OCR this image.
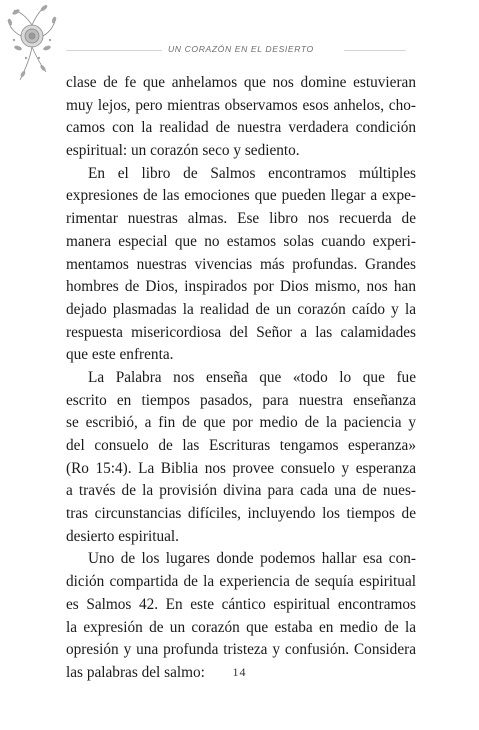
UN CORAZÓN EN EL DESIERTO
clase de fe que anhelamos que nos domine estuvieran
muy lejos, pero mientras observamos esos anhelos, cho-
camos con la realidad de nuestra verdadera condición
espiritual: un corazón seco y sediento.
En el libro de Salmos encontramos múltiples
expresiones de las emociones que pueden llegar a expe-
rimentar nuestras almas. Ese libro nos recuerda de
manera especial que no estamos solas cuando experi-
mentamos nuestras vivencias más profundas. Grandes
hombres de Dios, inspirados por Dios mismo, nos han
dejado plasmadas la realidad de un corazón caído y la
respuesta misericordiosa del Señor a las calamidades
que este enfrenta.
La Palabra nos enseña que «todo lo que fue
escrito en tiempos pasados, para nuestra enseñanza
se escribió, a fin de que por medio de la paciencia y
del consuelo de las Escrituras tengamos esperanza»
(Ro 15:4). La Biblia nos provee consuelo y esperanza
a través de la provisión divina para cada una de nues-
tras circunstancias difíciles, incluyendo los tiempos de
desierto espiritual.
Uno de los lugares donde podemos hallar esa con-
dición compartida de la experiencia de sequía espiritual
es Salmos 42. En este cántico espiritual encontramos
la expresión de un corazón que estaba en medio de la
opresión y una profunda tristeza y confusión. Considera
las palabras del salmo:	14
